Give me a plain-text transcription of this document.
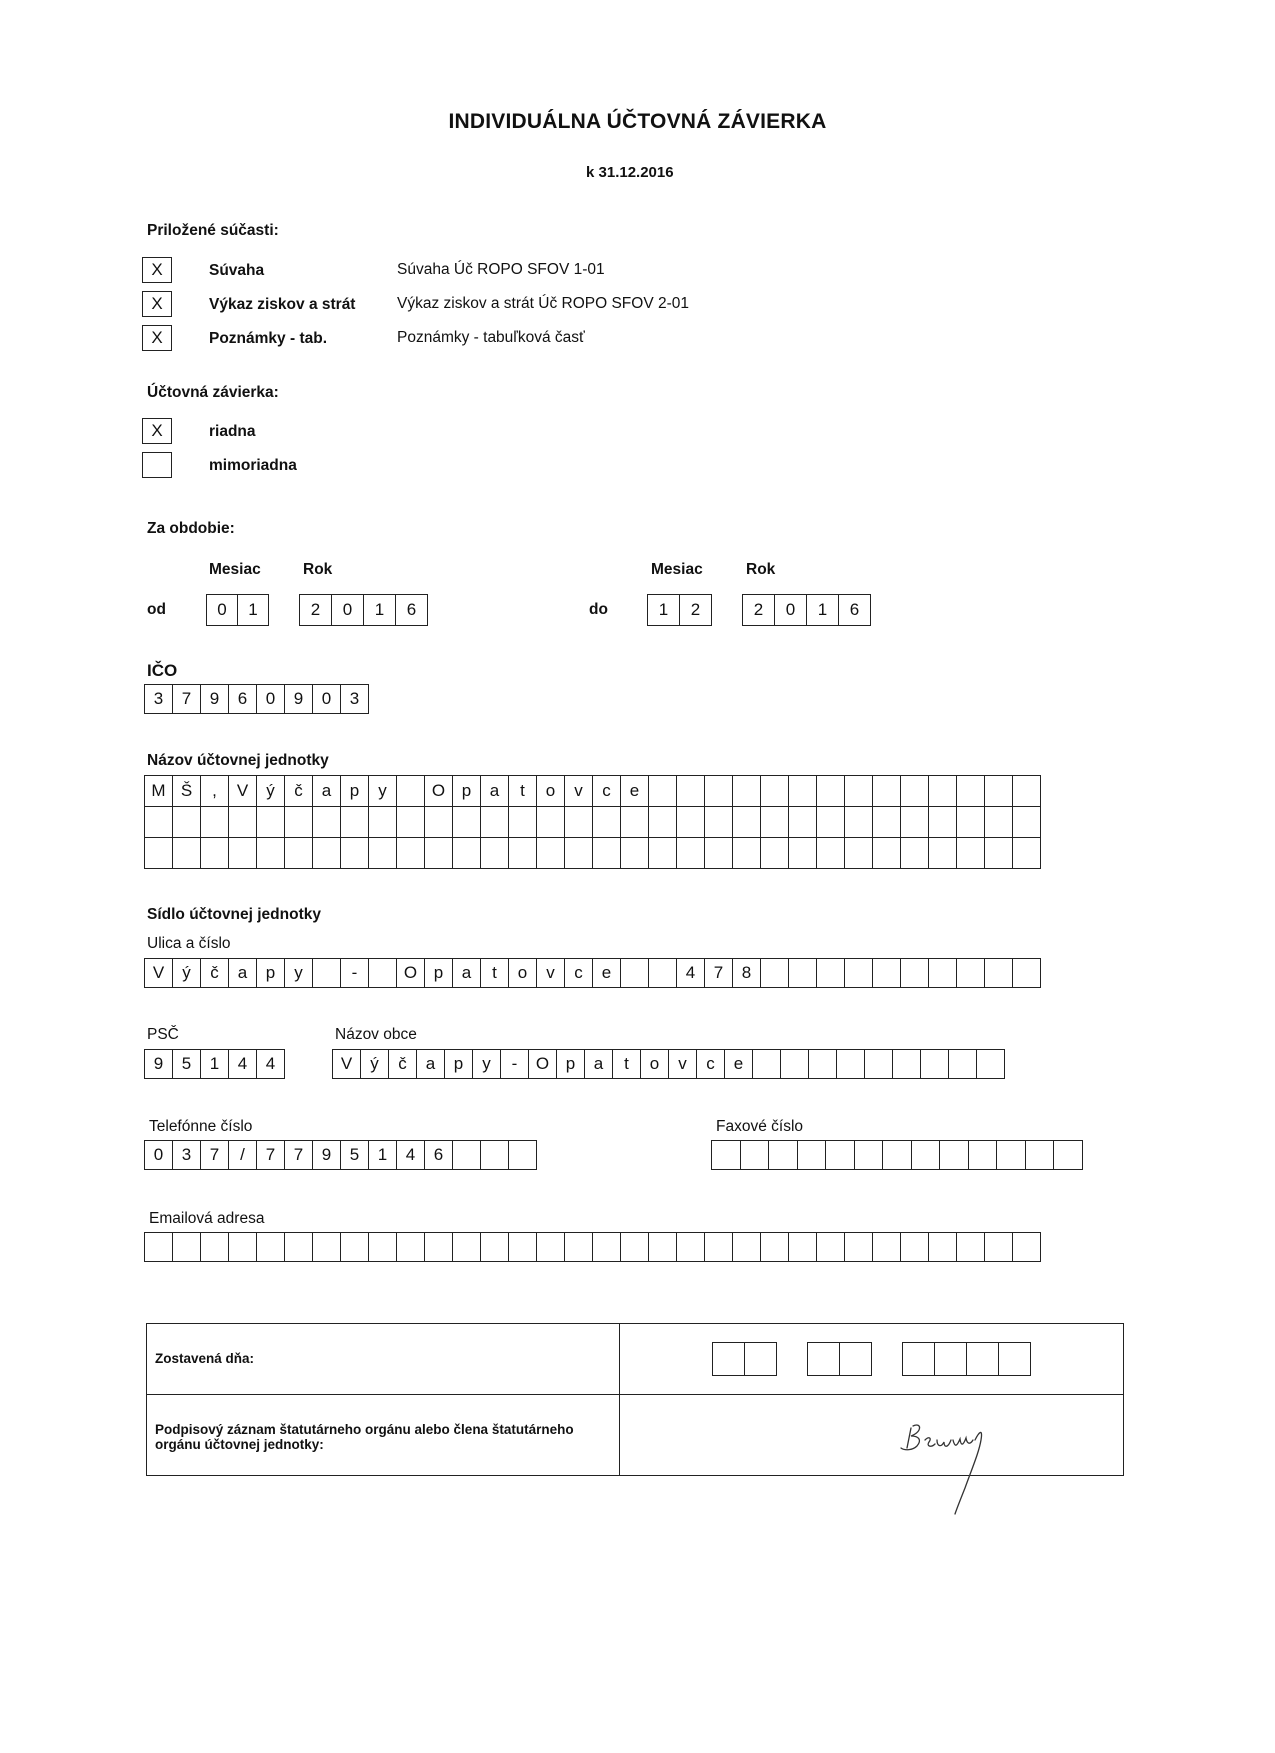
INDIVIDUÁLNA ÚČTOVNÁ ZÁVIERKA
k 31.12.2016
Priložené súčasti:
X	Súvaha	Súvaha Úč ROPO SFOV 1-01
X	Výkaz ziskov a strát	Výkaz ziskov a strát Úč ROPO SFOV 2-01
X	Poznámky - tab.	Poznámky - tabuľková časť
Účtovná závierka:
X	riadna
mimoriadna
Za obdobie:
Mesiac	Rok	Mesiac	Rok
od	0	1	2	0	1	6	do	1	2	2	0	1	6
IČO
3	7	9	6	0	9	0	3
Názov účtovnej jednotky
M Š	,	V	ý	č	a	p	y	O p	a	t	o	v	c	e
Sídlo účtovnej jednotky
Ulica a číslo
V	ý	č	a	p	y	-	O p	a	t	o	v	c	e	4	7	8
PSČ
9	5	1	4	4
Názov obce
V	ý	č	a	p	y	-	O p	a	t	o	v	c	e
Telefónne číslo
0	3	7	/	7	7	9	5	1	4	6
Faxové číslo
Emailová adresa
Zostavená dňa:
Podpisový záznam štatutárneho orgánu alebo člena štatutárneho orgánu účtovnej jednotky:
